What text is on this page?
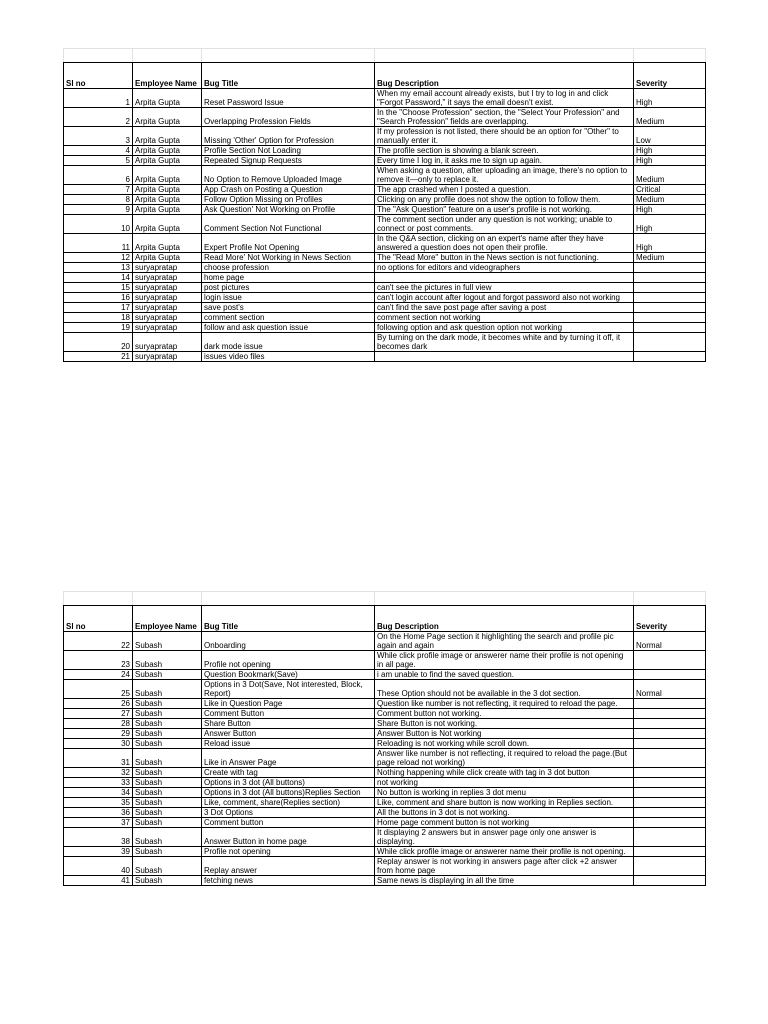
Sl no	Employee Name	Bug Title	Bug Description	Severity
1	Arpita Gupta	Reset Password Issue	When my email account already exists, but I try to log in and click "Forgot Password," it says the email doesn't exist.	High
2	Arpita Gupta	Overlapping Profession Fields	In the "Choose Profession" section, the "Select Your Profession" and "Search Profession" fields are overlapping.	Medium
3	Arpita Gupta	Missing 'Other' Option for Profession	If my profession is not listed, there should be an option for "Other" to manually enter it.	Low
4	Arpita Gupta	Profile Section Not Loading	The profile section is showing a blank screen.	High
5	Arpita Gupta	Repeated Signup Requests	Every time I log in, it asks me to sign up again.	High
6	Arpita Gupta	No Option to Remove Uploaded Image	When asking a question, after uploading an image, there's no option to remove it—only to replace it.	Medium
7	Arpita Gupta	App Crash on Posting a Question	The app crashed when I posted a question.	Critical
8	Arpita Gupta	Follow Option Missing on Profiles	Clicking on any profile does not show the option to follow them.	Medium
9	Arpita Gupta	Ask Question' Not Working on Profile	The "Ask Question" feature on a user's profile is not working.	High
10	Arpita Gupta	Comment Section Not Functional	The comment section under any question is not working; unable to connect or post comments.	High
11	Arpita Gupta	Expert Profile Not Opening	In the Q&A section, clicking on an expert's name after they have answered a question does not open their profile.	High
12	Arpita Gupta	Read More' Not Working in News Section	The "Read More" button in the News section is not functioning.	Medium
13	suryapratap	choose profession	no options for editors and videographers	
14	suryapratap	home page		
15	suryapratap	post pictures	can't see the pictures in full view	
16	suryapratap	login issue	can't login account after logout and forgot password also not working	
17	suryapratap	save post's	can't find the save post page after saving a post	
18	suryapratap	comment section	comment section not working	
19	suryapratap	follow and ask question issue	following option and ask question option not working	
20	suryapratap	dark mode issue	By turning on the dark mode, it becomes white and by turning it off, it becomes dark	
21	suryapratap	issues video files		

Sl no	Employee Name	Bug Title	Bug Description	Severity
22	Subash	Onboarding	On the Home Page section it highlighting the search and profile pic again and again	Normal
23	Subash	Profile not opening	While click profile image or answerer name their profile is not opening in all page.	
24	Subash	Question Bookmark(Save)	i am unable to find the saved question.	
25	Subash	Options in 3 Dot(Save, Not interested, Block, Report)	These Option should not be available in the 3 dot section.	Normal
26	Subash	Like in Question Page	Question like number is not reflecting, it required to reload the page.	
27	Subash	Comment Button	Comment button not working.	
28	Subash	Share Button	Share Button is not working.	
29	Subash	Answer Button	Answer Button is Not working	
30	Subash	Reload issue	Reloading is not working while scroll down.	
31	Subash	Like in Answer Page	Answer like number is not reflecting, it required to reload the page.(But page reload not working)	
32	Subash	Create with tag	Nothing happening while click create with tag in 3 dot button	
33	Subash	Options in 3 dot (All buttons)	not working	
34	Subash	Options in 3 dot (All buttons)Replies Section	No button is working in replies 3 dot menu	
35	Subash	Like, comment, share(Replies section)	Like, comment and share button is now working in Replies section.	
36	Subash	3 Dot Options	All the buttons in 3 dot is not working.	
37	Subash	Comment button	Home page comment button is not working	
38	Subash	Answer Button in home page	It displaying 2 answers but in answer page only one answer is displaying.	
39	Subash	Profile not opening	While click profile image or answerer name their profile is not opening.	
40	Subash	Replay answer	Replay answer is not working in answers page after click +2 answer from home page	
41	Subash	fetching news	Same news is displaying in all the time	
